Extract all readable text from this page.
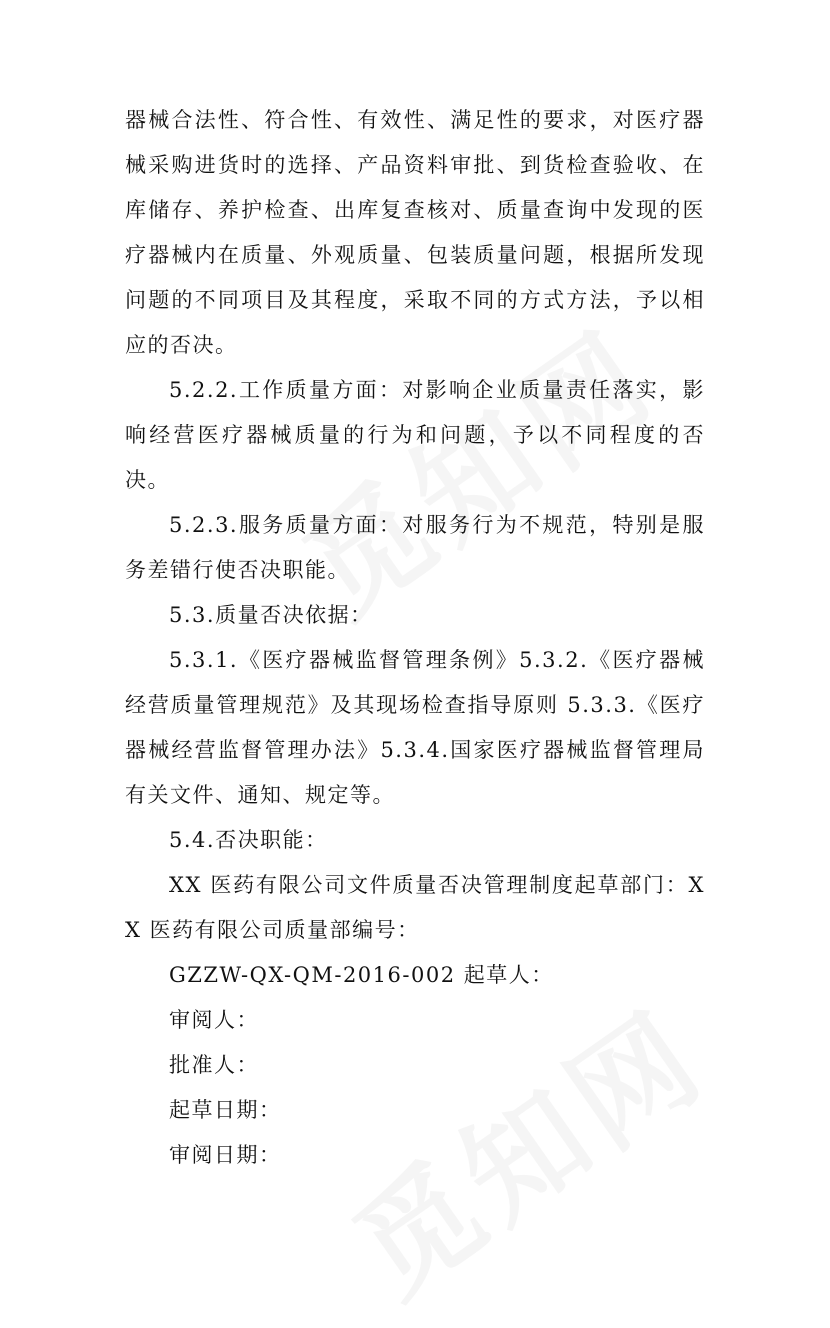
器械合法性、符合性、有效性、满足性的要求，对医疗器械采购进货时的选择、产品资料审批、到货检查验收、在库储存、养护检查、出库复查核对、质量查询中发现的医疗器械内在质量、外观质量、包装质量问题，根据所发现问题的不同项目及其程度，采取不同的方式方法，予以相应的否决。

5.2.2.工作质量方面：对影响企业质量责任落实，影响经营医疗器械质量的行为和问题，予以不同程度的否决。

5.2.3.服务质量方面：对服务行为不规范，特别是服务差错行使否决职能。

5.3.质量否决依据：

5.3.1.《医疗器械监督管理条例》5.3.2.《医疗器械经营质量管理规范》及其现场检查指导原则 5.3.3.《医疗器械经营监督管理办法》5.3.4.国家医疗器械监督管理局有关文件、通知、规定等。

5.4.否决职能：

XX 医药有限公司文件质量否决管理制度起草部门：XX 医药有限公司质量部编号：

GZZW-QX-QM-2016-002 起草人：

审阅人：

批准人：

起草日期：

审阅日期：
